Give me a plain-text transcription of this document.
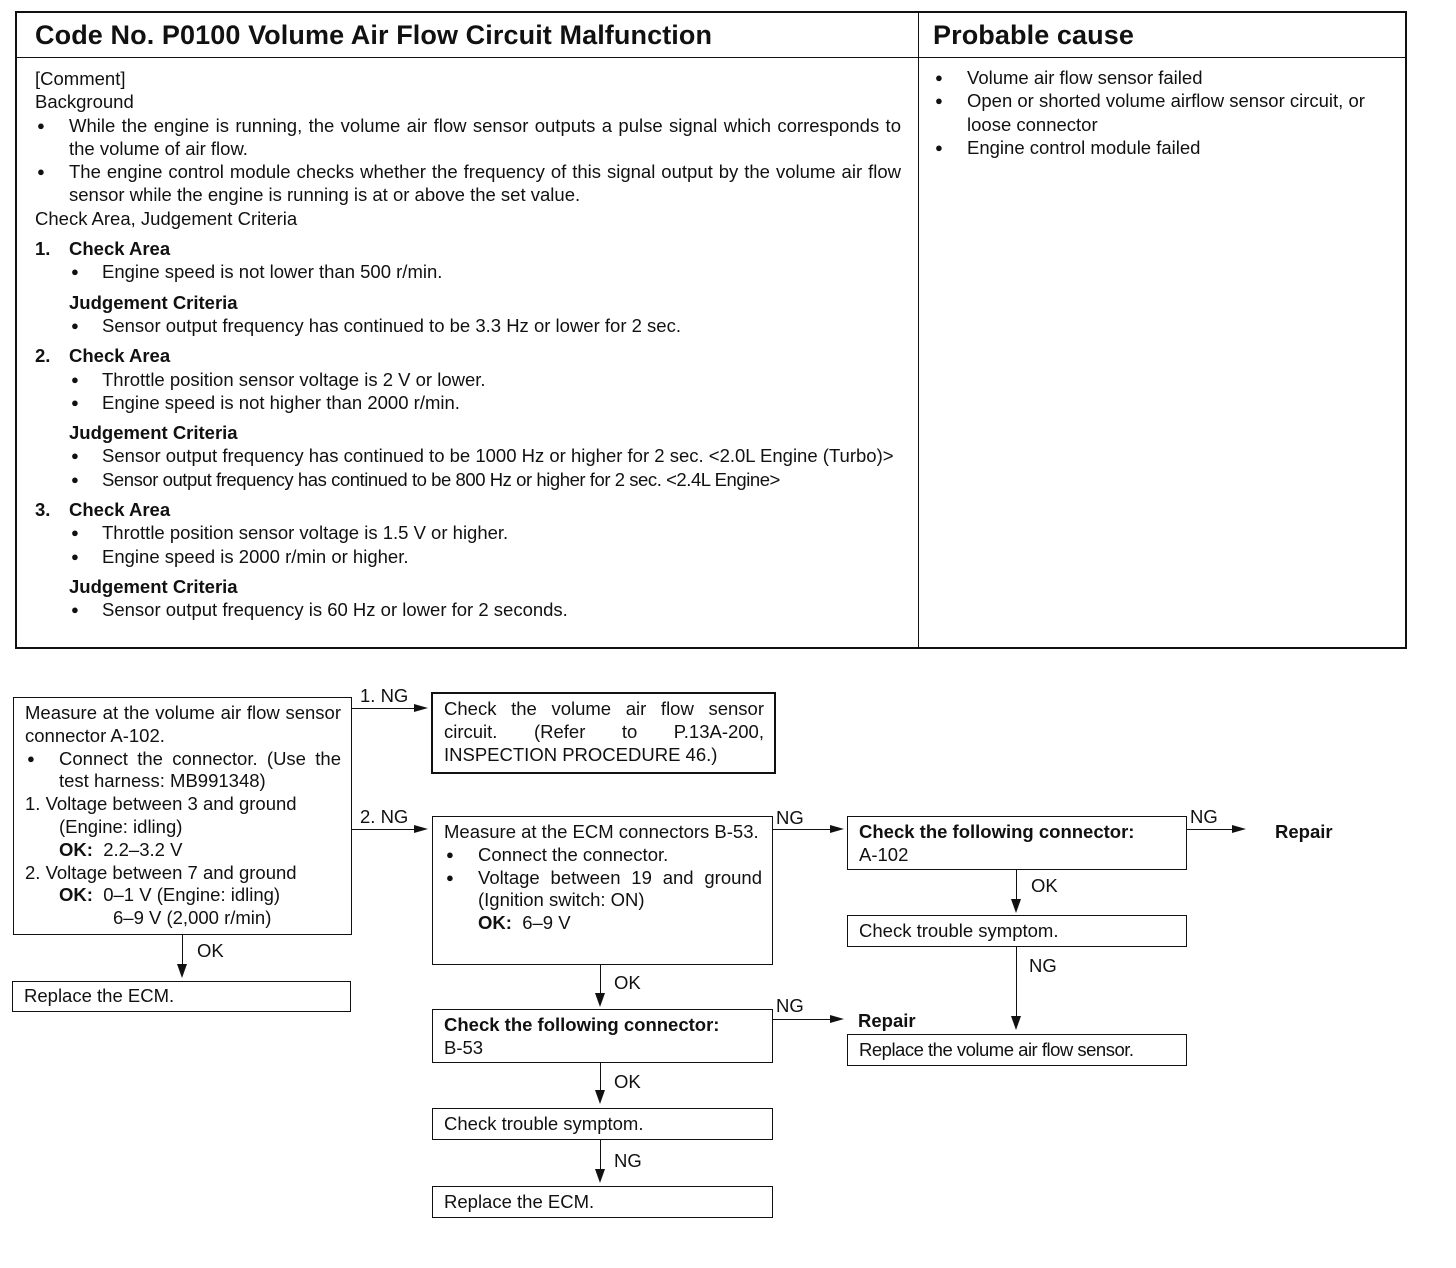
Code No. P0100 Volume Air Flow Circuit Malfunction	Probable cause
[Comment]
Background
● While the engine is running, the volume air flow sensor outputs a pulse signal which corresponds to the volume of air flow.
● The engine control module checks whether the frequency of this signal output by the volume air flow sensor while the engine is running is at or above the set value.
Check Area, Judgement Criteria
1. Check Area
● Engine speed is not lower than 500 r/min.
Judgement Criteria
● Sensor output frequency has continued to be 3.3 Hz or lower for 2 sec.
2. Check Area
● Throttle position sensor voltage is 2 V or lower.
● Engine speed is not higher than 2000 r/min.
Judgement Criteria
● Sensor output frequency has continued to be 1000 Hz or higher for 2 sec. <2.0L Engine (Turbo)>
● Sensor output frequency has continued to be 800 Hz or higher for 2 sec. <2.4L Engine>
3. Check Area
● Throttle position sensor voltage is 1.5 V or higher.
● Engine speed is 2000 r/min or higher.
Judgement Criteria
● Sensor output frequency is 60 Hz or lower for 2 seconds.
● Volume air flow sensor failed
● Open or shorted volume airflow sensor circuit, or loose connector
● Engine control module failed
Measure at the volume air flow sensor connector A-102.
● Connect the connector. (Use the test harness: MB991348)
1. Voltage between 3 and ground
(Engine: idling)
OK: 2.2–3.2 V
2. Voltage between 7 and ground
OK: 0–1 V (Engine: idling)
6–9 V (2,000 r/min)
OK
Replace the ECM.
1. NG
Check the volume air flow sensor circuit. (Refer to P.13A-200, INSPECTION PROCEDURE 46.)
2. NG
Measure at the ECM connectors B-53.
● Connect the connector.
● Voltage between 19 and ground (Ignition switch: ON)
OK: 6–9 V
NG
Check the following connector:
A-102
NG
Repair
OK
Check trouble symptom.
NG
Replace the volume air flow sensor.
OK
Check the following connector:
B-53
NG
Repair
OK
Check trouble symptom.
NG
Replace the ECM.
